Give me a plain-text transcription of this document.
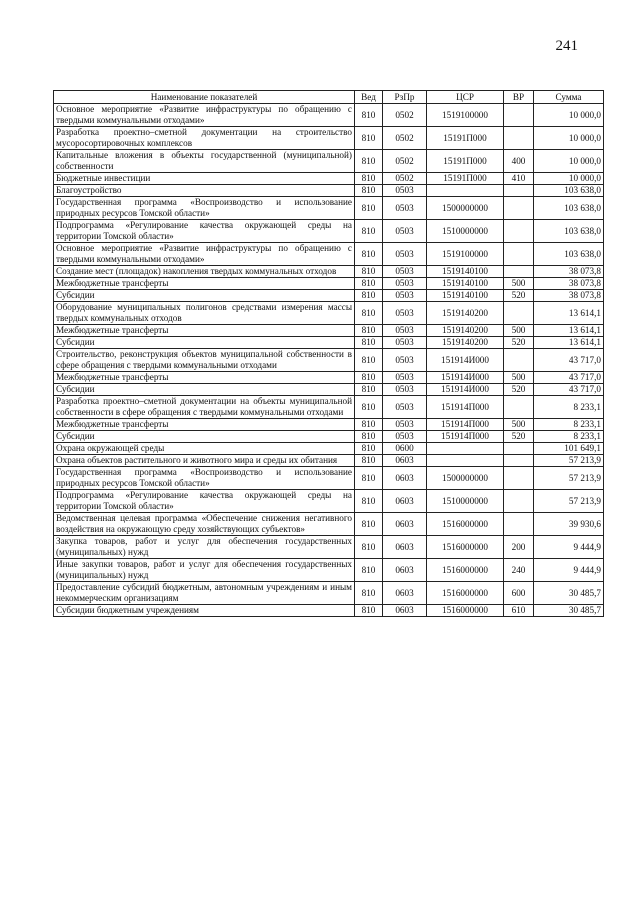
241
Наименование показателей	Вед	РзПр	ЦСР	ВР	Сумма
Основное мероприятие «Развитие инфраструктуры по обращению с твердыми коммунальными отходами»	810	0502	1519100000		10 000,0
Разработка проектно–сметной документации на строительство мусоросортировочных комплексов	810	0502	15191П000		10 000,0
Капитальные вложения в объекты государственной (муниципальной) собственности	810	0502	15191П000	400	10 000,0
Бюджетные инвестиции	810	0502	15191П000	410	10 000,0
Благоустройство	810	0503			103 638,0
Государственная программа «Воспроизводство и использование природных ресурсов Томской области»	810	0503	1500000000		103 638,0
Подпрограмма «Регулирование качества окружающей среды на территории Томской области»	810	0503	1510000000		103 638,0
Основное мероприятие «Развитие инфраструктуры по обращению с твердыми коммунальными отходами»	810	0503	1519100000		103 638,0
Создание мест (площадок) накопления твердых коммунальных отходов	810	0503	1519140100		38 073,8
Межбюджетные трансферты	810	0503	1519140100	500	38 073,8
Субсидии	810	0503	1519140100	520	38 073,8
Оборудование муниципальных полигонов средствами измерения массы твердых коммунальных отходов	810	0503	1519140200		13 614,1
Межбюджетные трансферты	810	0503	1519140200	500	13 614,1
Субсидии	810	0503	1519140200	520	13 614,1
Строительство, реконструкция объектов муниципальной собственности в сфере обращения с твердыми коммунальными отходами	810	0503	151914И000		43 717,0
Межбюджетные трансферты	810	0503	151914И000	500	43 717,0
Субсидии	810	0503	151914И000	520	43 717,0
Разработка проектно–сметной документации на объекты муниципальной собственности в сфере обращения с твердыми коммунальными отходами	810	0503	151914П000		8 233,1
Межбюджетные трансферты	810	0503	151914П000	500	8 233,1
Субсидии	810	0503	151914П000	520	8 233,1
Охрана окружающей среды	810	0600			101 649,1
Охрана объектов растительного и животного мира и среды их обитания	810	0603			57 213,9
Государственная программа «Воспроизводство и использование природных ресурсов Томской области»	810	0603	1500000000		57 213,9
Подпрограмма «Регулирование качества окружающей среды на территории Томской области»	810	0603	1510000000		57 213,9
Ведомственная целевая программа «Обеспечение снижения негативного воздействия на окружающую среду хозяйствующих субъектов»	810	0603	1516000000		39 930,6
Закупка товаров, работ и услуг для обеспечения государственных (муниципальных) нужд	810	0603	1516000000	200	9 444,9
Иные закупки товаров, работ и услуг для обеспечения государственных (муниципальных) нужд	810	0603	1516000000	240	9 444,9
Предоставление субсидий бюджетным, автономным учреждениям и иным некоммерческим организациям	810	0603	1516000000	600	30 485,7
Субсидии бюджетным учреждениям	810	0603	1516000000	610	30 485,7
